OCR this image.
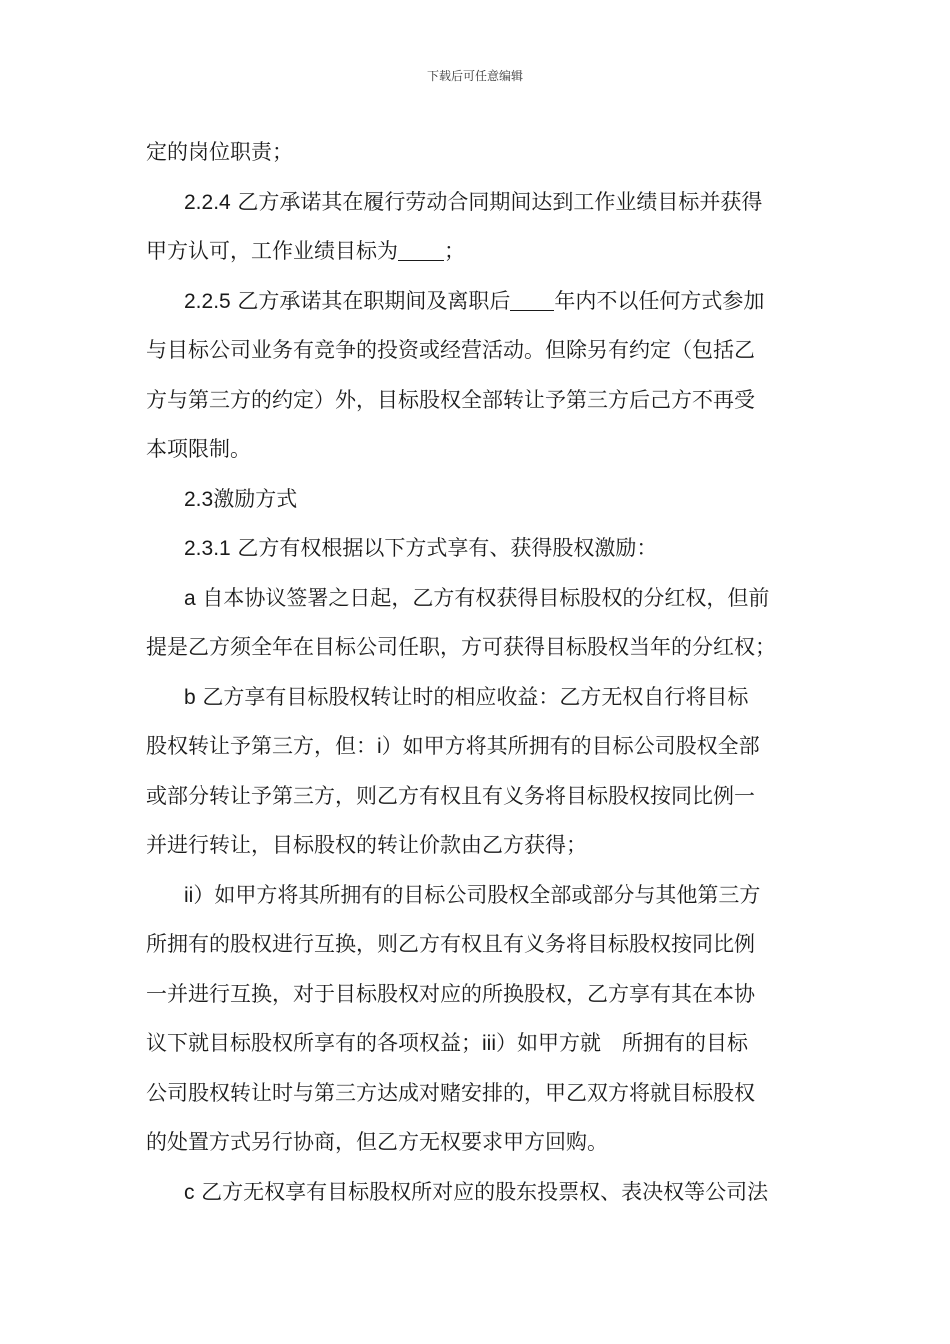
下载后可任意编辑

定的岗位职责；

2.2.4 乙方承诺其在履行劳动合同期间达到工作业绩目标并获得

甲方认可，工作业绩目标为 ；

2.2.5 乙方承诺其在职期间及离职后 年内不以任何方式参加

与目标公司业务有竞争的投资或经营活动。但除另有约定（包括乙

方与第三方的约定）外，目标股权全部转让予第三方后己方不再受

本项限制。

2.3激励方式

2.3.1 乙方有权根据以下方式享有、获得股权激励：

a 自本协议签署之日起，乙方有权获得目标股权的分红权，但前

提是乙方须全年在目标公司任职，方可获得目标股权当年的分红权；

b 乙方享有目标股权转让时的相应收益：乙方无权自行将目标

股权转让予第三方，但：i）如甲方将其所拥有的目标公司股权全部

或部分转让予第三方，则乙方有权且有义务将目标股权按同比例一

并进行转让，目标股权的转让价款由乙方获得；

ii）如甲方将其所拥有的目标公司股权全部或部分与其他第三方

所拥有的股权进行互换，则乙方有权且有义务将目标股权按同比例

一并进行互换，对于目标股权对应的所换股权，乙方享有其在本协

议下就目标股权所享有的各项权益；iii）如甲方就　所拥有的目标

公司股权转让时与第三方达成对赌安排的，甲乙双方将就目标股权

的处置方式另行协商，但乙方无权要求甲方回购。

c 乙方无权享有目标股权所对应的股东投票权、表决权等公司法
